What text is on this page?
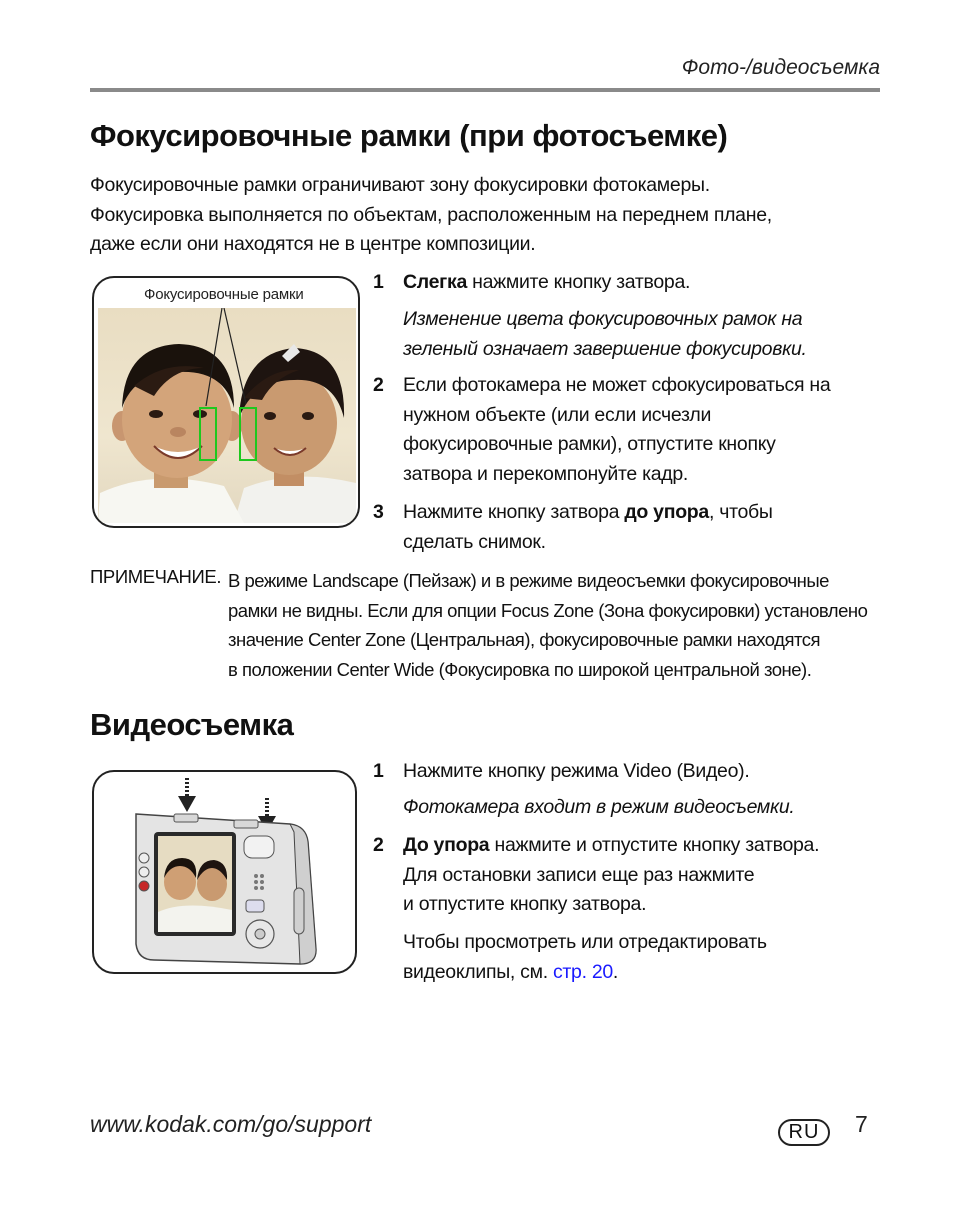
Фото-/видеосъемка
Фокусировочные рамки (при фотосъемке)
Фокусировочные рамки ограничивают зону фокусировки фотокамеры.
Фокусировка выполняется по объектам, расположенным на переднем плане,
даже если они находятся не в центре композиции.
Фокусировочные рамки
1 Слегка нажмите кнопку затвора.
Изменение цвета фокусировочных рамок на
зеленый означает завершение фокусировки.
2 Если фотокамера не может сфокусироваться на
нужном объекте (или если исчезли
фокусировочные рамки), отпустите кнопку
затвора и перекомпонуйте кадр.
3 Нажмите кнопку затвора до упора, чтобы
сделать снимок.
ПРИМЕЧАНИЕ. В режиме Landscape (Пейзаж) и в режиме видеосъемки фокусировочные
рамки не видны. Если для опции Focus Zone (Зона фокусировки) установлено
значение Center Zone (Центральная), фокусировочные рамки находятся
в положении Center Wide (Фокусировка по широкой центральной зоне).
Видеосъемка
1 Нажмите кнопку режима Video (Видео).
Фотокамера входит в режим видеосъемки.
2 До упора нажмите и отпустите кнопку затвора.
Для остановки записи еще раз нажмите
и отпустите кнопку затвора.
Чтобы просмотреть или отредактировать
видеоклипы, см. стр. 20.
www.kodak.com/go/support	RU	7
